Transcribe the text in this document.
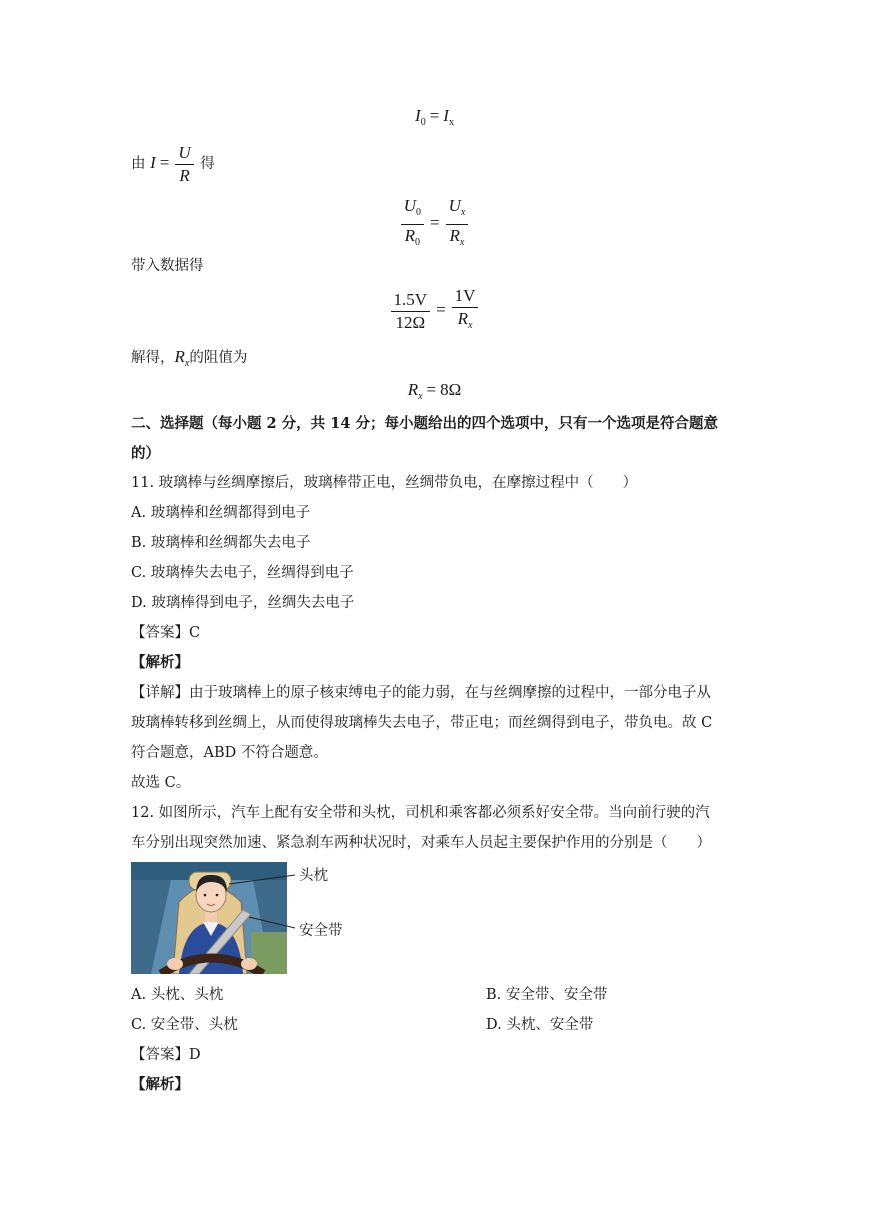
$I_0 = I_x$
由 $I = \frac{U}{R}$ 得
$\frac{U_0}{R_0} = \frac{U_x}{R_x}$
带入数据得
$\frac{1.5V}{12\Omega} = \frac{1V}{R_x}$
解得，$R_x$的阻值为
$R_x = 8\Omega$
二、选择题（每小题 2 分，共 14 分；每小题给出的四个选项中，只有一个选项是符合题意
的）
11. 玻璃棒与丝绸摩擦后，玻璃棒带正电，丝绸带负电，在摩擦过程中（　　）
A. 玻璃棒和丝绸都得到电子
B. 玻璃棒和丝绸都失去电子
C. 玻璃棒失去电子，丝绸得到电子
D. 玻璃棒得到电子，丝绸失去电子
【答案】C
【解析】
【详解】由于玻璃棒上的原子核束缚电子的能力弱，在与丝绸摩擦的过程中，一部分电子从
玻璃棒转移到丝绸上，从而使得玻璃棒失去电子，带正电；而丝绸得到电子，带负电。故 C
符合题意，ABD 不符合题意。
故选 C。
12. 如图所示，汽车上配有安全带和头枕，司机和乘客都必须系好安全带。当向前行驶的汽
车分别出现突然加速、紧急刹车两种状况时，对乘车人员起主要保护作用的分别是（　　）
头枕
安全带
A. 头枕、头枕	B. 安全带、安全带
C. 安全带、头枕	D. 头枕、安全带
【答案】D
【解析】
